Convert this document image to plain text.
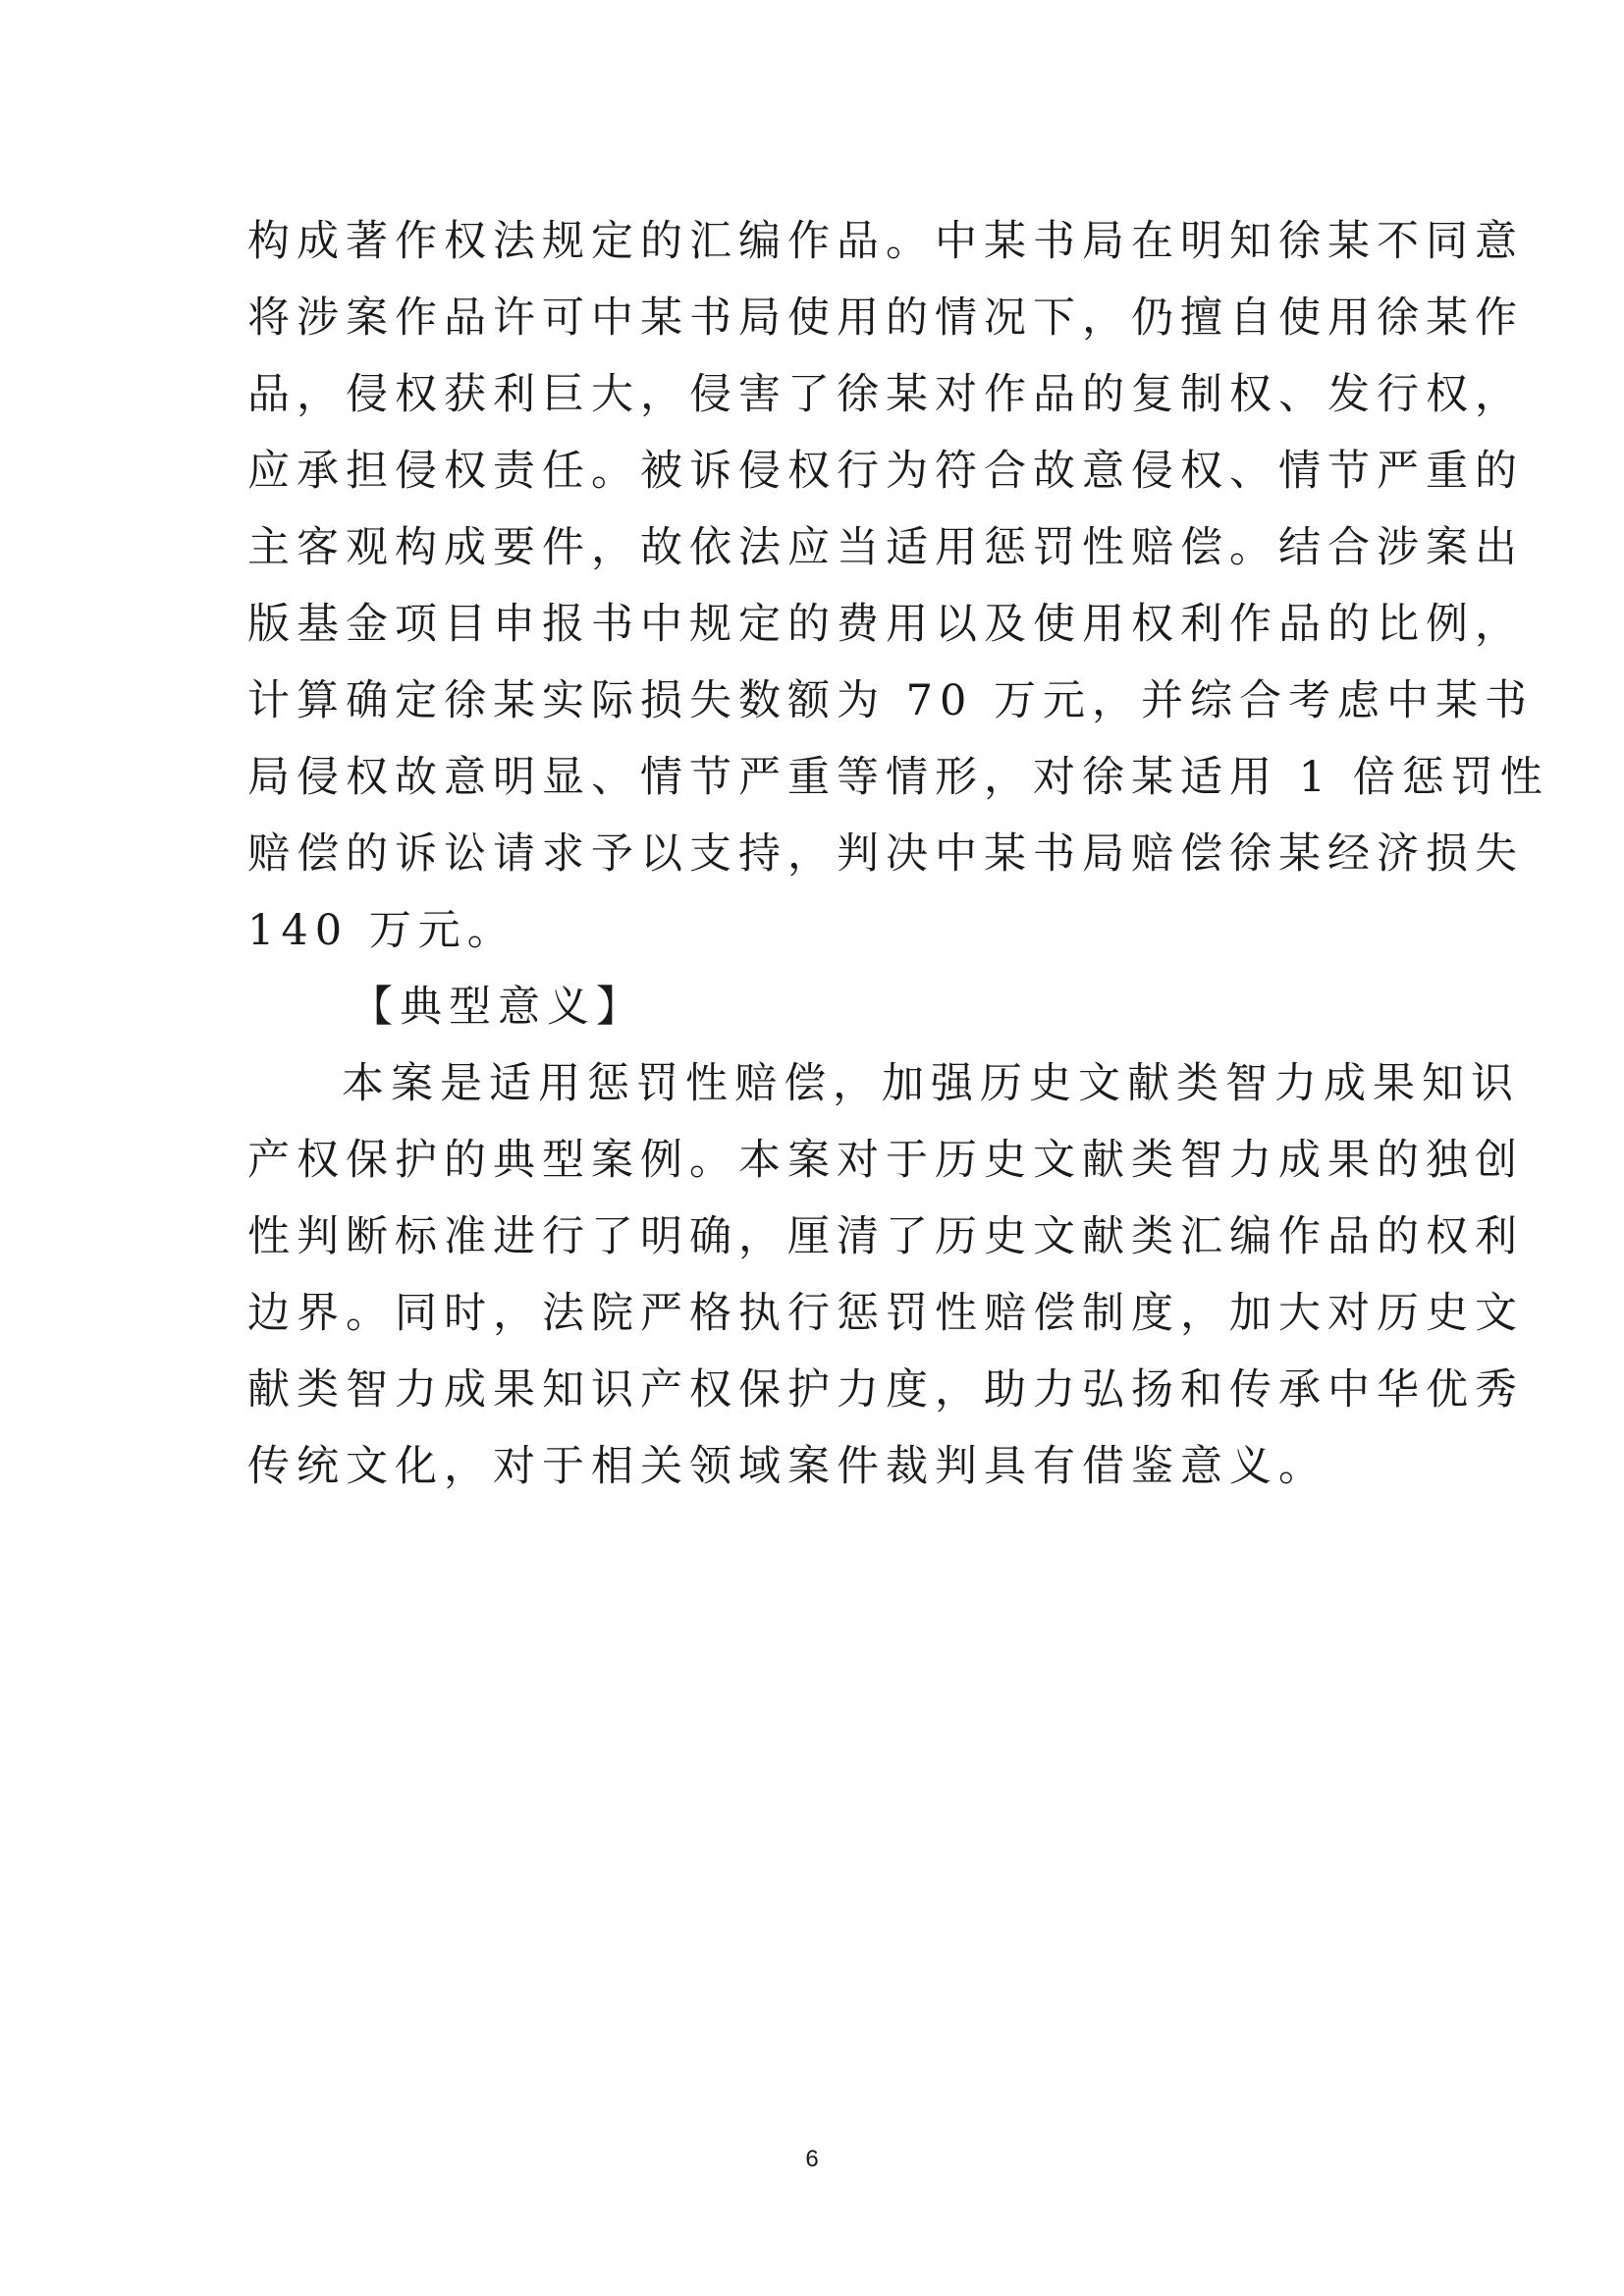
构成著作权法规定的汇编作品。中某书局在明知徐某不同意
将涉案作品许可中某书局使用的情况下，仍擅自使用徐某作
品，侵权获利巨大，侵害了徐某对作品的复制权、发行权，
应承担侵权责任。被诉侵权行为符合故意侵权、情节严重的
主客观构成要件，故依法应当适用惩罚性赔偿。结合涉案出
版基金项目申报书中规定的费用以及使用权利作品的比例，
计算确定徐某实际损失数额为 70 万元，并综合考虑中某书
局侵权故意明显、情节严重等情形，对徐某适用 1 倍惩罚性
赔偿的诉讼请求予以支持，判决中某书局赔偿徐某经济损失
140 万元。
【典型意义】
本案是适用惩罚性赔偿，加强历史文献类智力成果知识
产权保护的典型案例。本案对于历史文献类智力成果的独创
性判断标准进行了明确，厘清了历史文献类汇编作品的权利
边界。同时，法院严格执行惩罚性赔偿制度，加大对历史文
献类智力成果知识产权保护力度，助力弘扬和传承中华优秀
传统文化，对于相关领域案件裁判具有借鉴意义。
6
